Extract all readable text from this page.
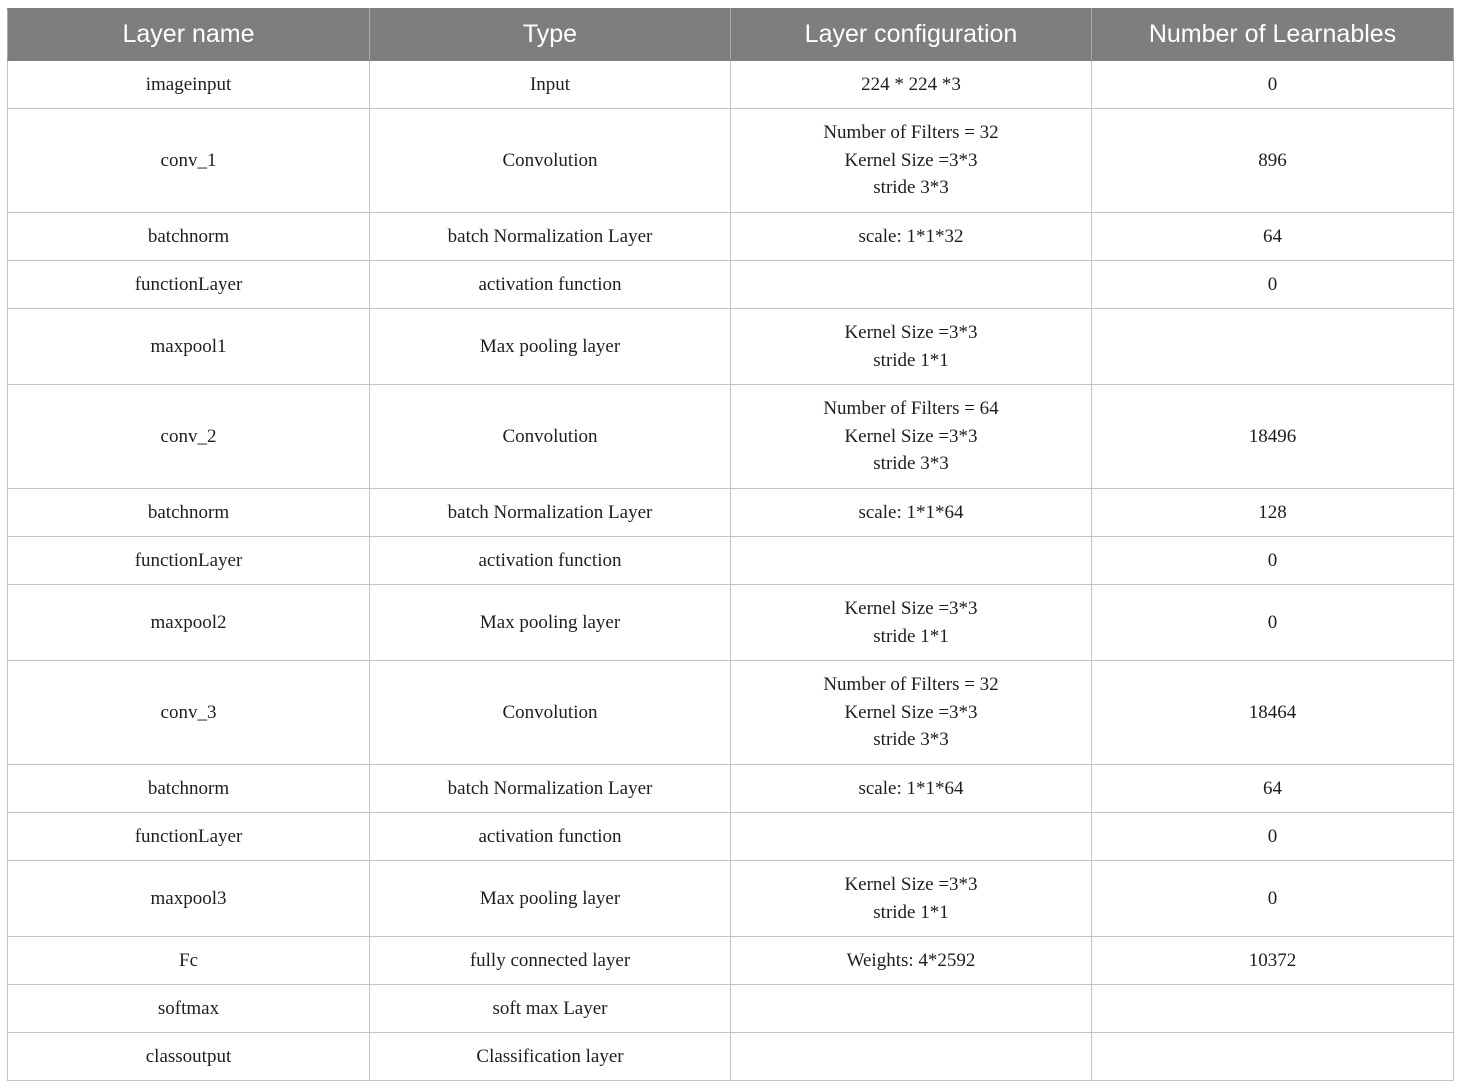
Layer name	Type	Layer configuration	Number of Learnables
imageinput	Input	224 * 224 *3	0
conv_1	Convolution	Number of Filters = 32
Kernel Size =3*3
stride 3*3	896
batchnorm	batch Normalization Layer	scale: 1*1*32	64
functionLayer	activation function		0
maxpool1	Max pooling layer	Kernel Size =3*3
stride 1*1	
conv_2	Convolution	Number of Filters = 64
Kernel Size =3*3
stride 3*3	18496
batchnorm	batch Normalization Layer	scale: 1*1*64	128
functionLayer	activation function		0
maxpool2	Max pooling layer	Kernel Size =3*3
stride 1*1	0
conv_3	Convolution	Number of Filters = 32
Kernel Size =3*3
stride 3*3	18464
batchnorm	batch Normalization Layer	scale: 1*1*64	64
functionLayer	activation function		0
maxpool3	Max pooling layer	Kernel Size =3*3
stride 1*1	0
Fc	fully connected layer	Weights: 4*2592	10372
softmax	soft max Layer		
classoutput	Classification layer		
